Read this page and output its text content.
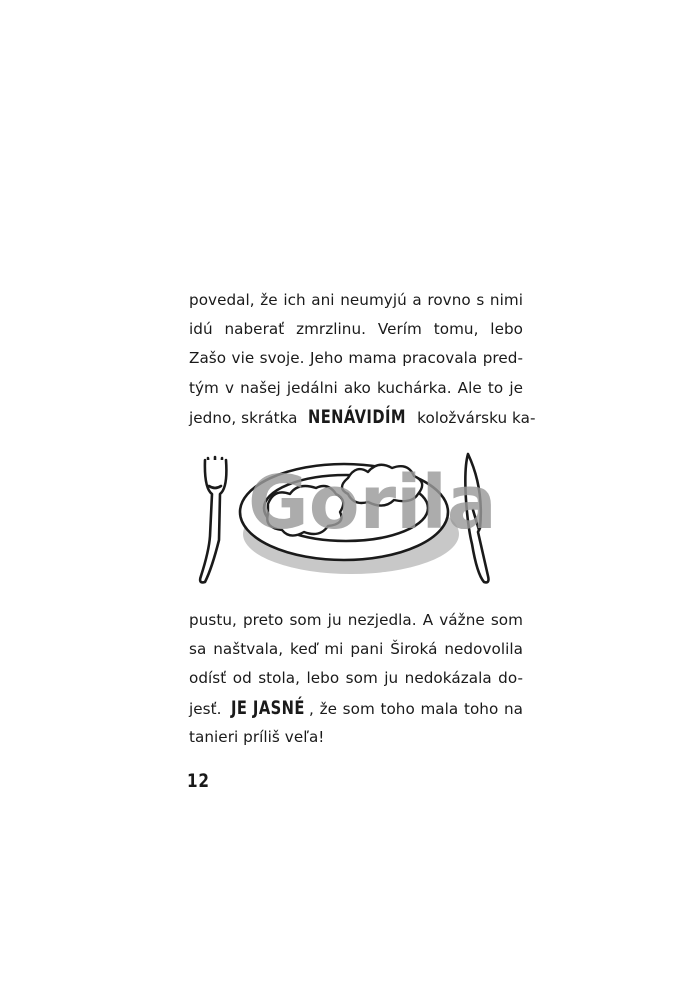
povedal, že ich ani neumyjú a rovno s nimi
idú naberať zmrzlinu. Verím tomu, lebo
Zašo vie svoje. Jeho mama pracovala pred-
tým v našej jedálni ako kuchárka. Ale to je
jedno, skrátka NENÁVIDÍM koložvársku ka-
Gorila
pustu, preto som ju nezjedla. A vážne som
sa naštvala, keď mi pani Široká nedovolila
odísť od stola, lebo som ju nedokázala do-
jesť. JE JASNÉ , že som toho mala toho na
tanieri príliš veľa!
12
